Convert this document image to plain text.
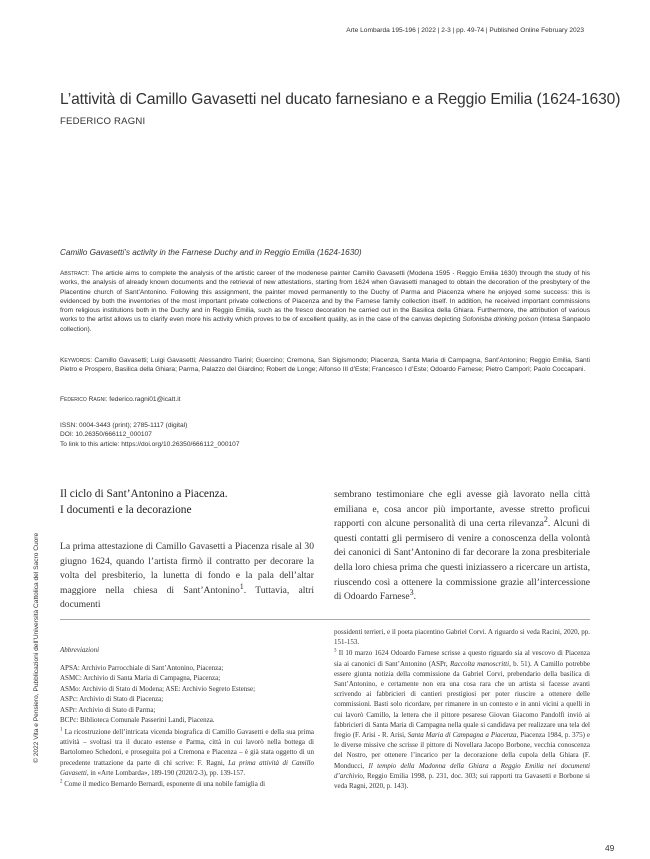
Arte Lombarda 195-196 | 2022 | 2-3 | pp. 49-74 | Published Online February 2023
L’attività di Camillo Gavasetti nel ducato farnesiano e a Reggio Emilia (1624-1630)
FEDERICO RAGNI
Camillo Gavasetti’s activity in the Farnese Duchy and in Reggio Emilia (1624-1630)
Abstract: The article aims to complete the analysis of the artistic career of the modenese painter Camillo Gavasetti (Modena 1595 - Reggio Emilia 1630) through the study of his works, the analysis of already known documents and the retrieval of new attestations, starting from 1624 when Gavasetti managed to obtain the decoration of the presbytery of the Placentine church of Sant’Antonino. Following this assignment, the painter moved permanently to the Duchy of Parma and Piacenza where he enjoyed some success: this is evidenced by both the inventories of the most important private collections of Piacenza and by the Farnese family collection itself. In addition, he received important commissions from religious institutions both in the Duchy and in Reggio Emilia, such as the fresco decoration he carried out in the Basilica della Ghiara. Furthermore, the attribution of various works to the artist allows us to clarify even more his activity which proves to be of excellent quality, as in the case of the canvas depicting Sofonisba drinking poison (Intesa Sanpaolo collection).
Keywords: Camillo Gavasetti; Luigi Gavasetti; Alessandro Tiarini; Guercino; Cremona, San Sigismondo; Piacenza, Santa Maria di Campagna, Sant’Antonino; Reggio Emilia, Santi Pietro e Prospero, Basilica della Ghiara; Parma, Palazzo del Giardino; Robert de Longe; Alfonso III d’Este; Francesco I d’Este; Odoardo Farnese; Pietro Camporì; Paolo Coccapani.
Federico Ragni: federico.ragni01@icatt.it
ISSN: 0004-3443 (print); 2785-1117 (digital)
DOI: 10.26350/666112_000107
To link to this article: https://doi.org/10.26350/666112_000107
Il ciclo di Sant’Antonino a Piacenza.
I documenti e la decorazione
La prima attestazione di Camillo Gavasetti a Piacenza risale al 30 giugno 1624, quando l’artista firmò il contratto per decorare la volta del presbiterio, la lunetta di fondo e la pala dell’altar maggiore nella chiesa di Sant’Antonino$^1$. Tuttavia, altri documenti
sembrano testimoniare che egli avesse già lavorato nella città emiliana e, cosa ancor più importante, avesse stretto proficui rapporti con alcune personalità di una certa rilevanza$^2$. Alcuni di questi contatti gli permisero di venire a conoscenza della volontà dei canonici di Sant’Antonino di far decorare la zona presbiteriale della loro chiesa prima che questi iniziassero a ricercare un artista, riuscendo così a ottenere la commissione grazie all’intercessione di Odoardo Farnese$^3$.
Abbreviazioni
APSA: Archivio Parrocchiale di Sant’Antonino, Piacenza;
ASMC: Archivio di Santa Maria di Campagna, Piacenza;
ASMo: Archivio di Stato di Modena; ASE: Archivio Segreto Estense;
ASPc: Archivio di Stato di Piacenza;
ASPr: Archivio di Stato di Parma;
BCPc: Biblioteca Comunale Passerini Landi, Piacenza.
$^1$ La ricostruzione dell’intricata vicenda biografica di Camillo Gavasetti e della sua prima attività – svoltasi tra il ducato estense e Parma, città in cui lavorò nella bottega di Bartolomeo Schedoni, e proseguita poi a Cremona e Piacenza – è già stata oggetto di un precedente trattazione da parte di chi scrive: F. Ragni, La prima attività di Camillo Gavasetti, in «Arte Lombarda», 189-190 (2020/2-3), pp. 139-157.
$^2$ Come il medico Bernardo Bernardi, esponente di una nobile famiglia di
possidenti terrieri, e il poeta piacentino Gabriel Corvi. A riguardo si veda Racini, 2020, pp. 151-153.
$^3$ Il 10 marzo 1624 Odoardo Farnese scrisse a questo riguardo sia al vescovo di Piacenza sia ai canonici di Sant’Antonino (ASPr, Raccolta manoscritti, b. 51). A Camillo potrebbe essere giunta notizia della commissione da Gabriel Corvi, prebendario della basilica di Sant’Antonino, e certamente non era una cosa rara che un artista si facesse avanti scrivendo ai fabbricieri di cantieri prestigiosi per poter riuscire a ottenere delle commissioni. Basti solo ricordare, per rimanere in un contesto e in anni vicini a quelli in cui lavorò Camillo, la lettera che il pittore pesarese Giovan Giacomo Pandolfi inviò ai fabbricieri di Santa Maria di Campagna nella quale si candidava per realizzare una tela del fregio (F. Arisi - R. Arisi, Santa Maria di Campagna a Piacenza, Piacenza 1984, p. 375) e le diverse missive che scrisse il pittore di Novellara Jacopo Borbone, vecchia conoscenza del Nostro, per ottenere l’incarico per la decorazione della cupola della Ghiara (F. Monducci, Il tempio della Madonna della Ghiara a Reggio Emilia nei documenti d’archivio, Reggio Emilia 1998, p. 231, doc. 303; sui rapporti tra Gavasetti e Borbone si veda Ragni, 2020, p. 143).
© 2022 Vita e Pensiero, Pubblicazioni dell’Università Cattolica del Sacro Cuore
49
